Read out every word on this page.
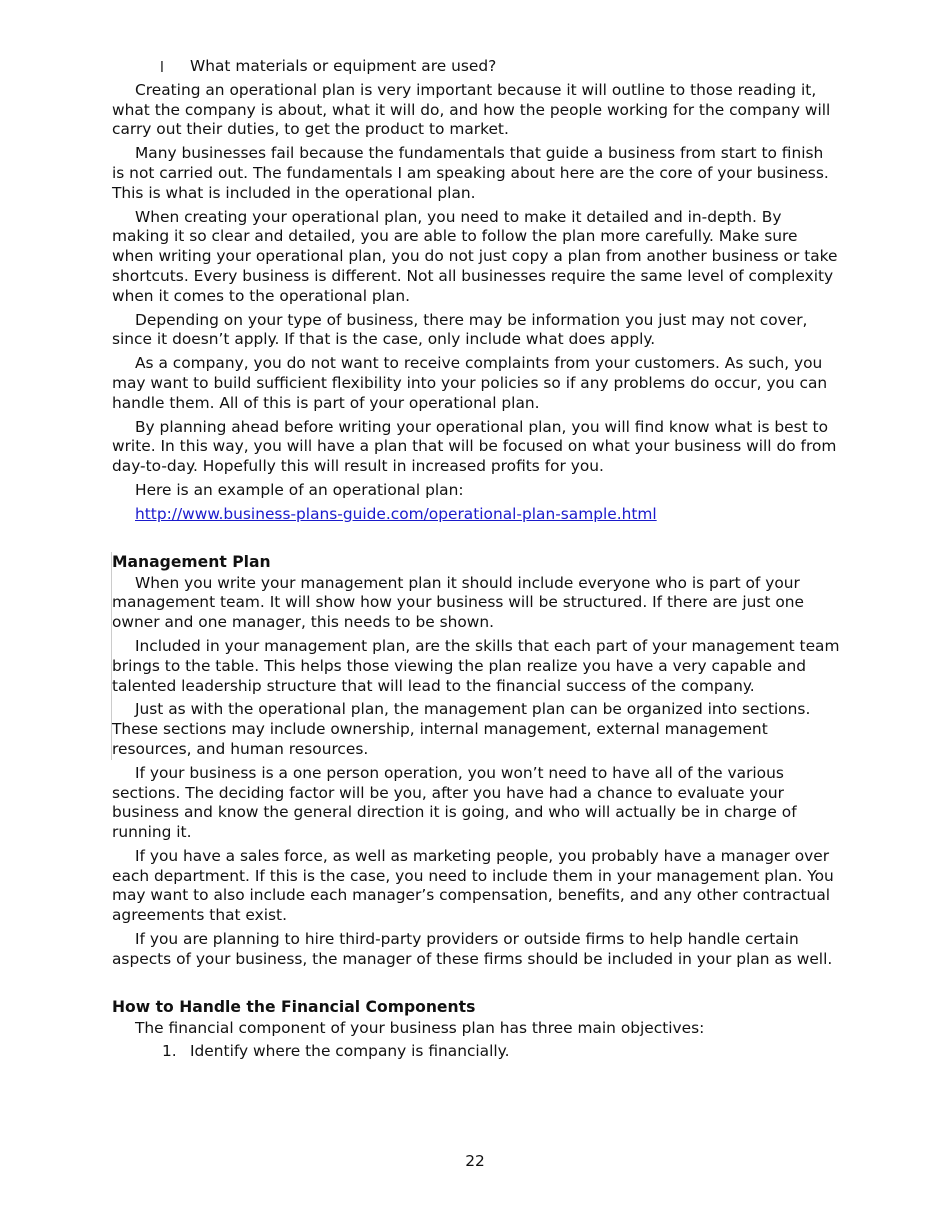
l What materials or equipment are used?

Creating an operational plan is very important because it will outline to those reading it, what the company is about, what it will do, and how the people working for the company will carry out their duties, to get the product to market.

Many businesses fail because the fundamentals that guide a business from start to finish is not carried out. The fundamentals I am speaking about here are the core of your business. This is what is included in the operational plan.

When creating your operational plan, you need to make it detailed and in-depth. By making it so clear and detailed, you are able to follow the plan more carefully. Make sure when writing your operational plan, you do not just copy a plan from another business or take shortcuts. Every business is different. Not all businesses require the same level of complexity when it comes to the operational plan.

Depending on your type of business, there may be information you just may not cover, since it doesn’t apply. If that is the case, only include what does apply.

As a company, you do not want to receive complaints from your customers. As such, you may want to build sufficient flexibility into your policies so if any problems do occur, you can handle them. All of this is part of your operational plan.

By planning ahead before writing your operational plan, you will find know what is best to write. In this way, you will have a plan that will be focused on what your business will do from day-to-day. Hopefully this will result in increased profits for you.

Here is an example of an operational plan:

http://www.business-plans-guide.com/operational-plan-sample.html

Management Plan

When you write your management plan it should include everyone who is part of your management team. It will show how your business will be structured. If there are just one owner and one manager, this needs to be shown.

Included in your management plan, are the skills that each part of your management team brings to the table. This helps those viewing the plan realize you have a very capable and talented leadership structure that will lead to the financial success of the company.

Just as with the operational plan, the management plan can be organized into sections. These sections may include ownership, internal management, external management resources, and human resources.

If your business is a one person operation, you won’t need to have all of the various sections. The deciding factor will be you, after you have had a chance to evaluate your business and know the general direction it is going, and who will actually be in charge of running it.

If you have a sales force, as well as marketing people, you probably have a manager over each department. If this is the case, you need to include them in your management plan. You may want to also include each manager’s compensation, benefits, and any other contractual agreements that exist.

If you are planning to hire third-party providers or outside firms to help handle certain aspects of your business, the manager of these firms should be included in your plan as well.

How to Handle the Financial Components

The financial component of your business plan has three main objectives:

1. Identify where the company is financially.
22
